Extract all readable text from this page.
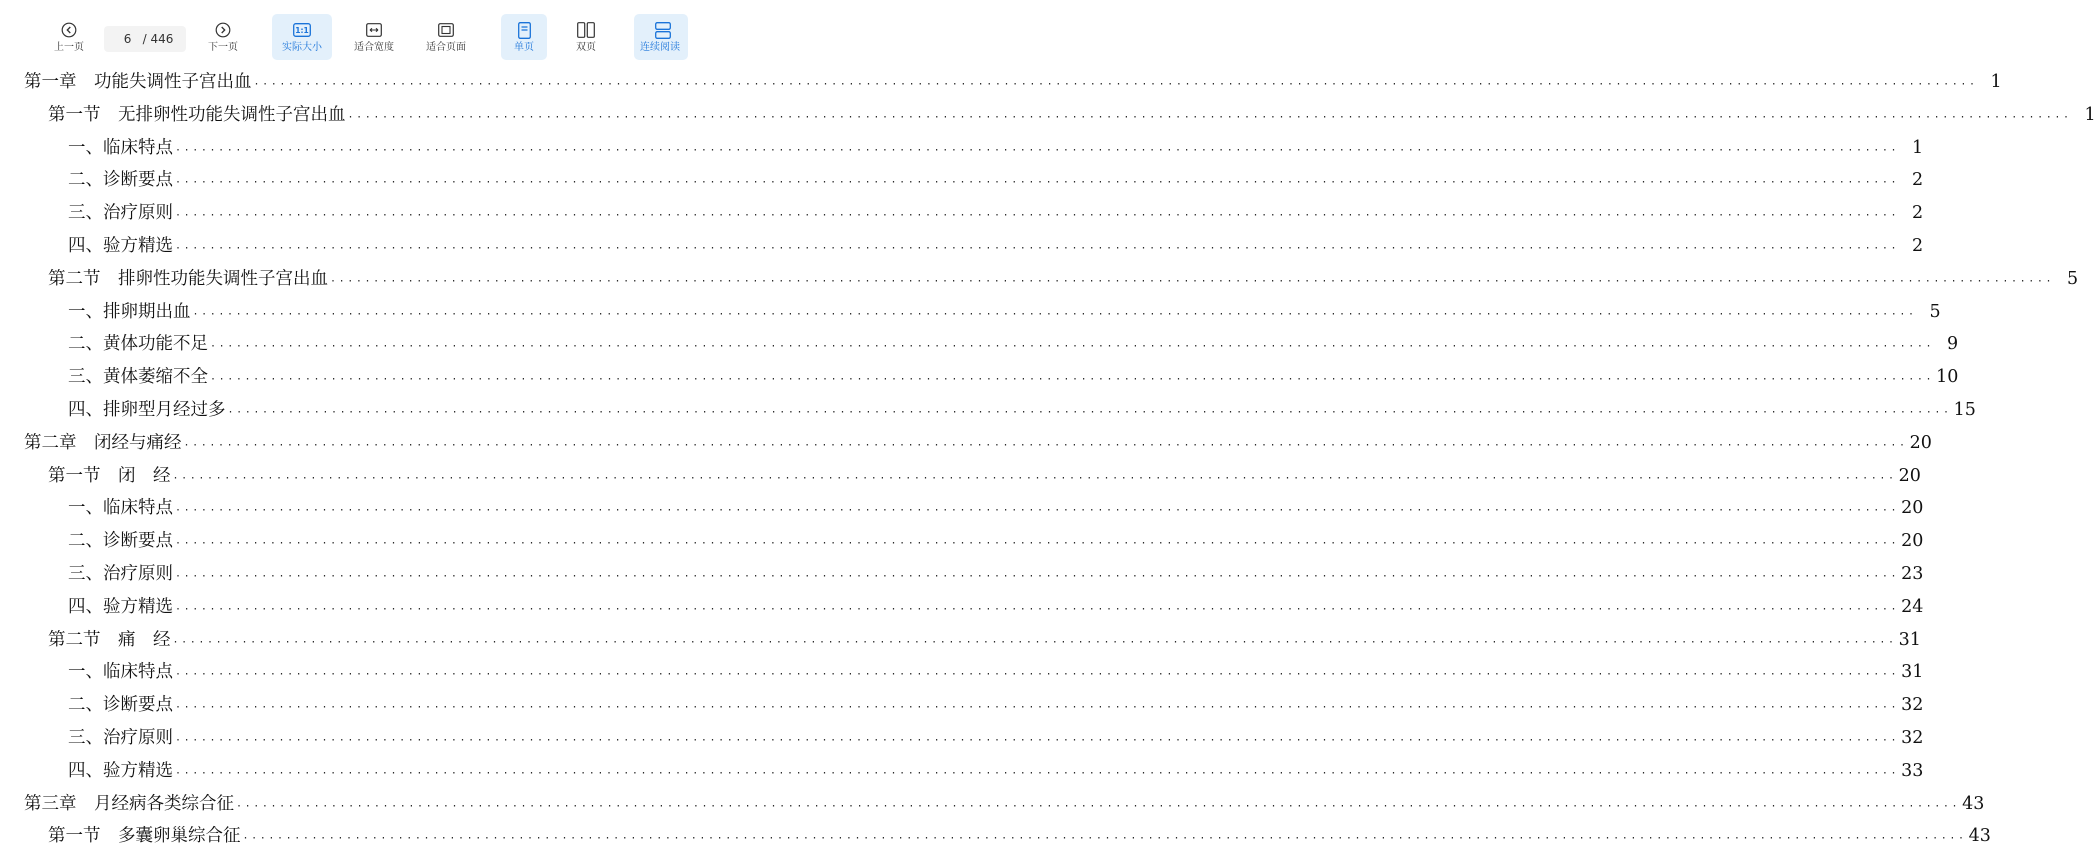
上一页
6
/ 446
下一页
1:1
实际大小	适合宽度	适合页面	单页	双页	连续阅读
第一章　功能失调性子宫出血 ········································································································································································································ 1
第一节　无排卵性功能失调性子宫出血 ········································································································································································································ 1
一、临床特点 ········································································································································································································ 1
二、诊断要点 ········································································································································································································ 2
三、治疗原则 ········································································································································································································ 2
四、验方精选 ········································································································································································································ 2
第二节　排卵性功能失调性子宫出血 ········································································································································································································ 5
一、排卵期出血 ········································································································································································································ 5
二、黄体功能不足 ········································································································································································································ 9
三、黄体萎缩不全 ········································································································································································································ 10
四、排卵型月经过多 ········································································································································································································ 15
第二章　闭经与痛经 ········································································································································································································ 20
第一节　闭　经 ········································································································································································································ 20
一、临床特点 ········································································································································································································ 20
二、诊断要点 ········································································································································································································ 20
三、治疗原则 ········································································································································································································ 23
四、验方精选 ········································································································································································································ 24
第二节　痛　经 ········································································································································································································ 31
一、临床特点 ········································································································································································································ 31
二、诊断要点 ········································································································································································································ 32
三、治疗原则 ········································································································································································································ 32
四、验方精选 ········································································································································································································ 33
第三章　月经病各类综合征 ········································································································································································································ 43
第一节　多囊卵巢综合征 ········································································································································································································ 43
